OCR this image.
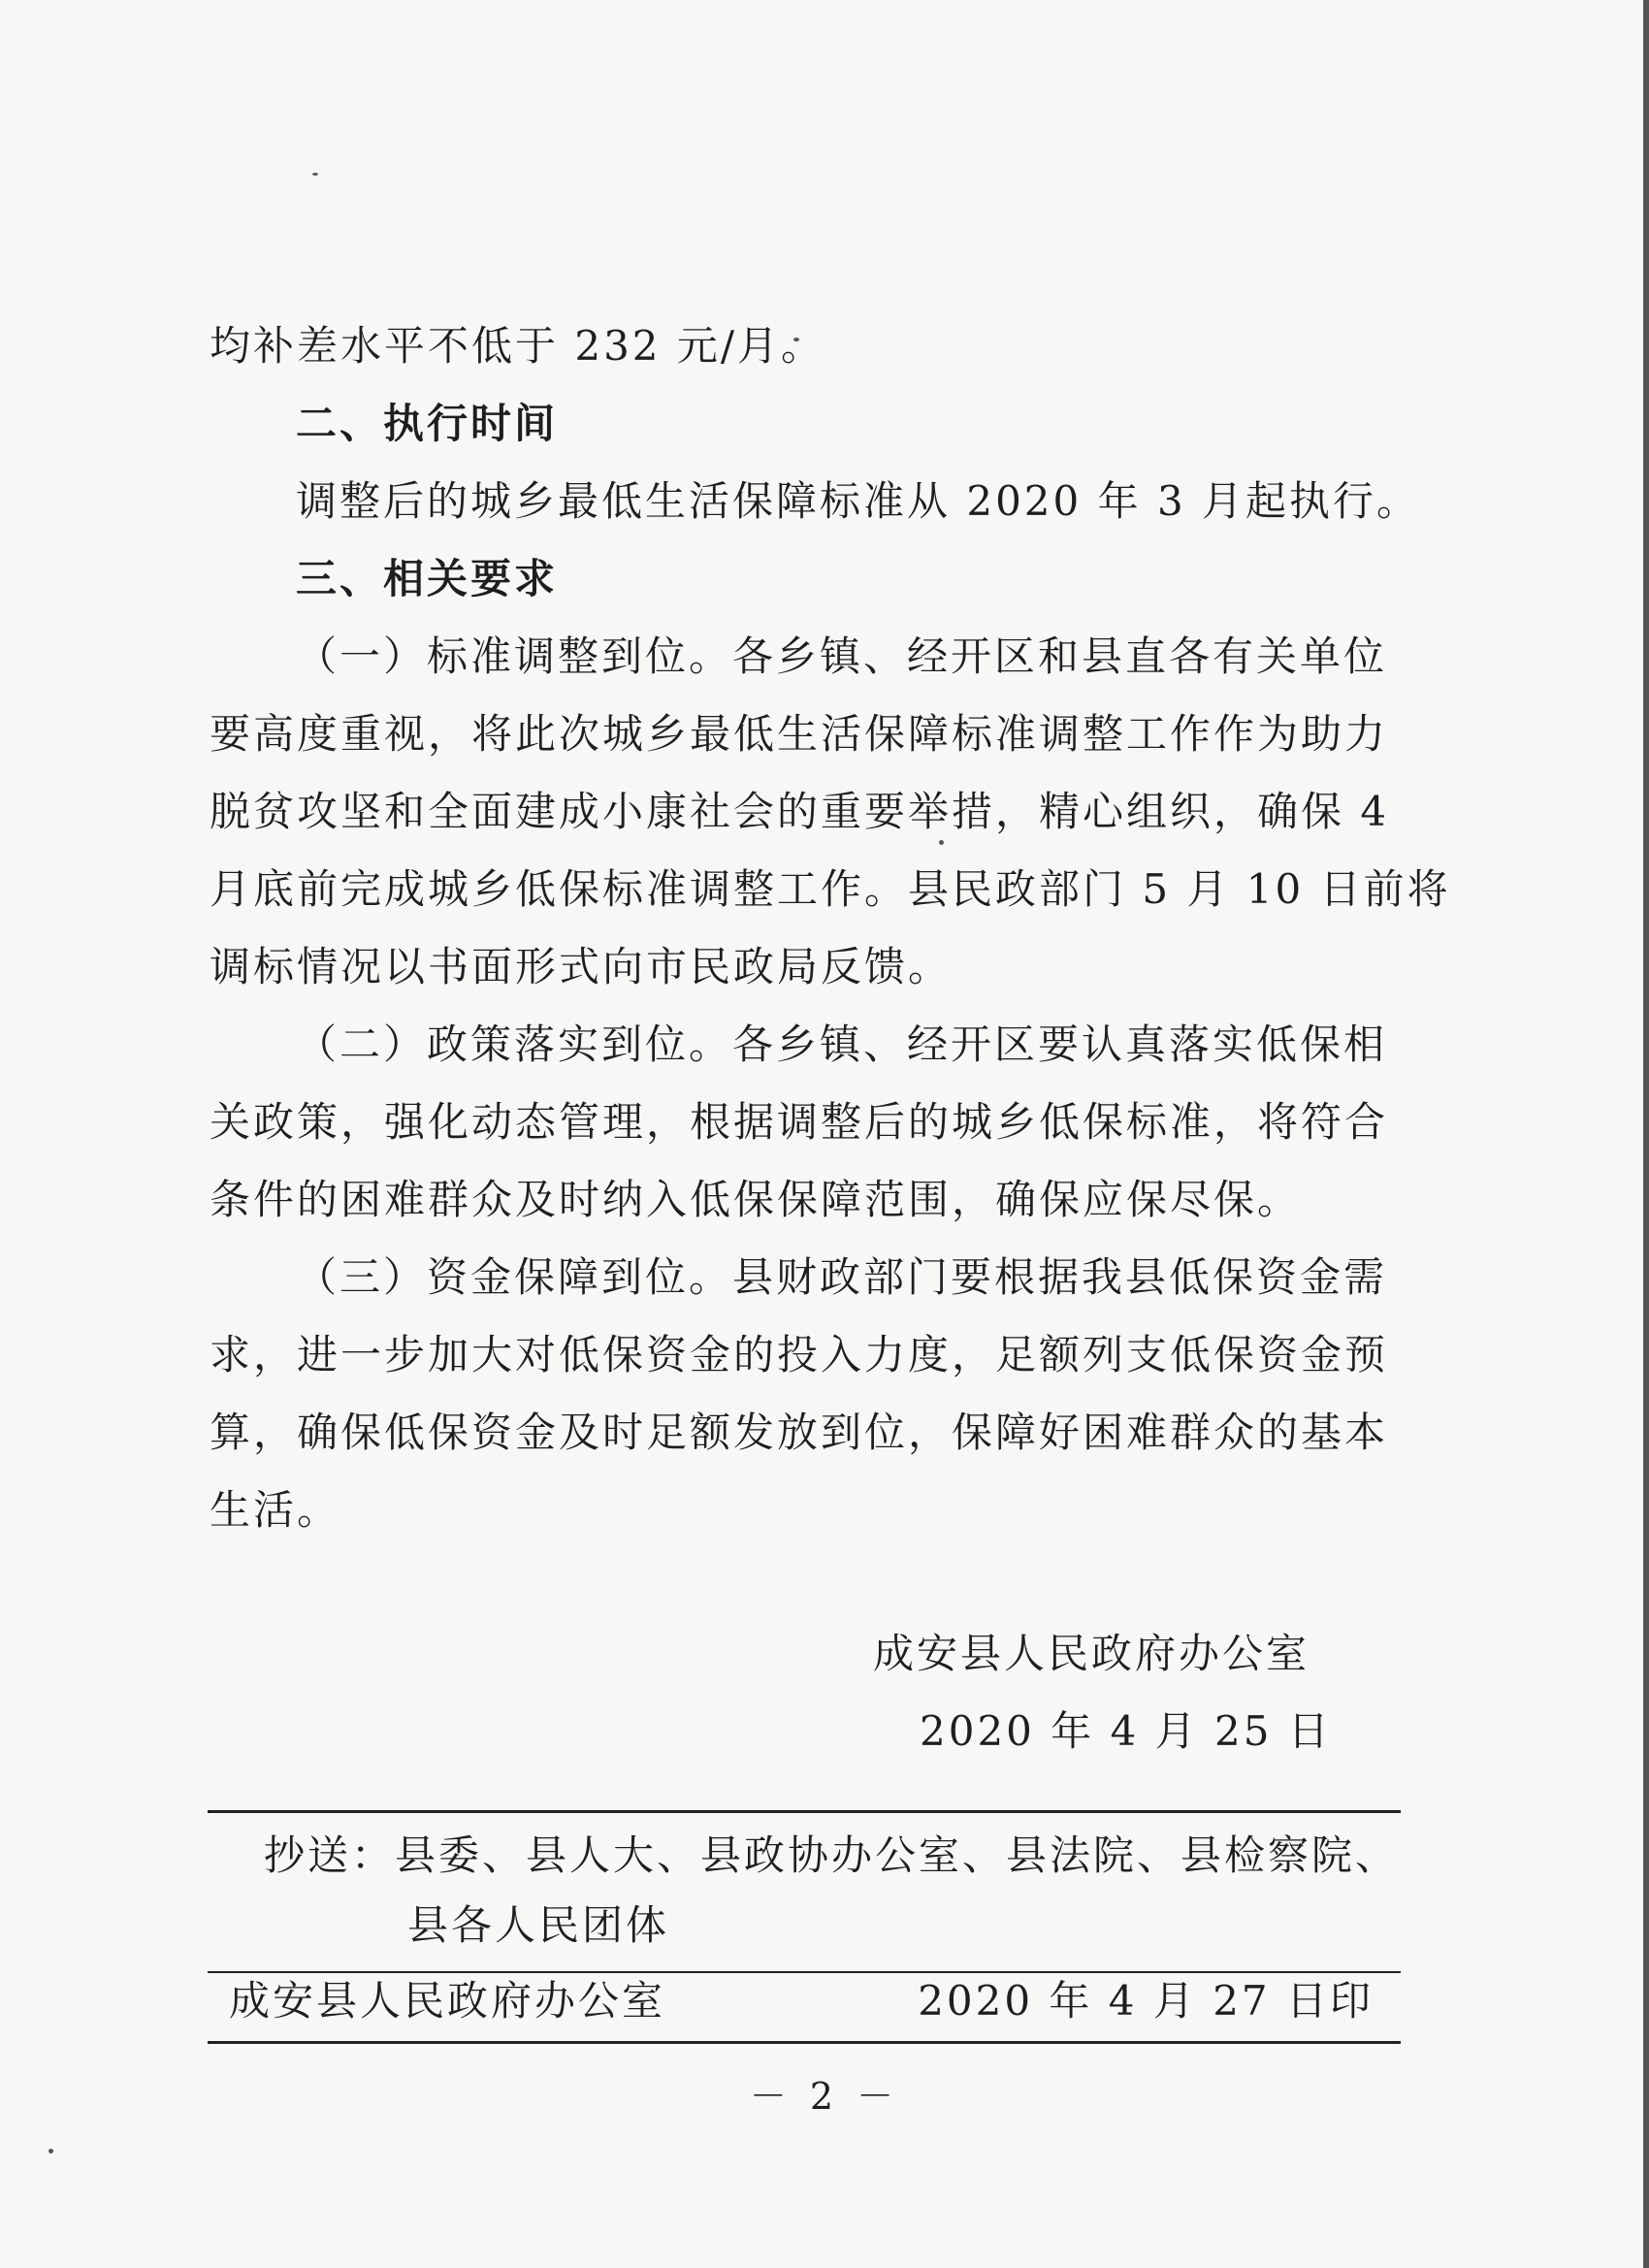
均补差水平不低于 232 元/月。
二、执行时间
调整后的城乡最低生活保障标准从 2020 年 3 月起执行。
三、相关要求
（一）标准调整到位。各乡镇、经开区和县直各有关单位
要高度重视，将此次城乡最低生活保障标准调整工作作为助力
脱贫攻坚和全面建成小康社会的重要举措，精心组织，确保 4
月底前完成城乡低保标准调整工作。县民政部门 5 月 10 日前将
调标情况以书面形式向市民政局反馈。
（二）政策落实到位。各乡镇、经开区要认真落实低保相
关政策，强化动态管理，根据调整后的城乡低保标准，将符合
条件的困难群众及时纳入低保保障范围，确保应保尽保。
（三）资金保障到位。县财政部门要根据我县低保资金需
求，进一步加大对低保资金的投入力度，足额列支低保资金预
算，确保低保资金及时足额发放到位，保障好困难群众的基本
生活。
成安县人民政府办公室
2020 年 4 月 25 日
抄送：县委、县人大、县政协办公室、县法院、县检察院、
县各人民团体
成安县人民政府办公室	2020 年 4 月 27 日印
－ 2 －
